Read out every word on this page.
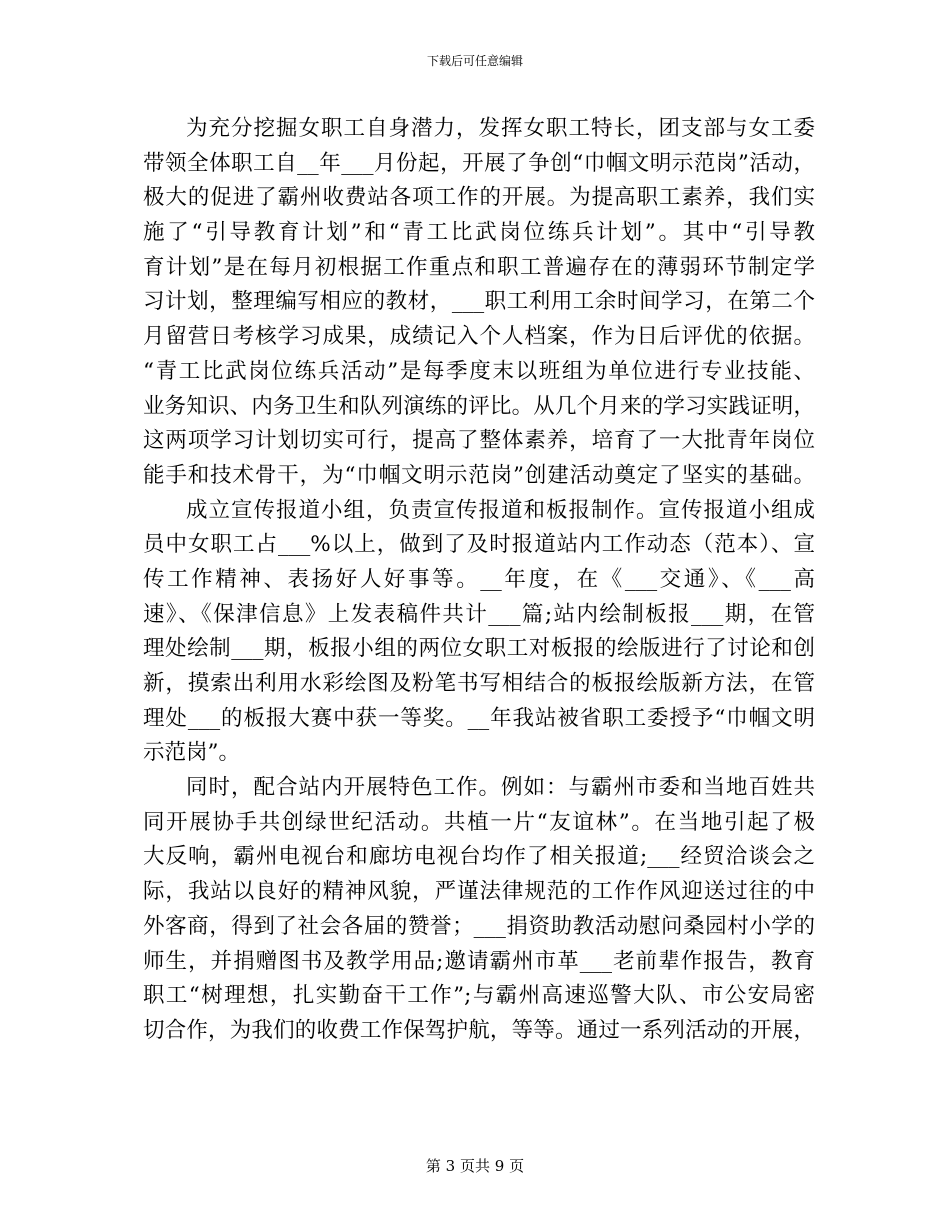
下载后可任意编辑
为充分挖掘女职工自身潜力，发挥女职工特长，团支部与女工委
带领全体职工自__年___月份起，开展了争创“巾帼文明示范岗”活动，
极大的促进了霸州收费站各项工作的开展。为提高职工素养，我们实
施了“引导教育计划”和“青工比武岗位练兵计划”。其中“引导教
育计划”是在每月初根据工作重点和职工普遍存在的薄弱环节制定学
习计划，整理编写相应的教材，___职工利用工余时间学习，在第二个
月留营日考核学习成果，成绩记入个人档案，作为日后评优的依据。
“青工比武岗位练兵活动”是每季度末以班组为单位进行专业技能、
业务知识、内务卫生和队列演练的评比。从几个月来的学习实践证明，
这两项学习计划切实可行，提高了整体素养，培育了一大批青年岗位
能手和技术骨干，为“巾帼文明示范岗”创建活动奠定了坚实的基础。
成立宣传报道小组，负责宣传报道和板报制作。宣传报道小组成
员中女职工占___%以上，做到了及时报道站内工作动态（范本）、宣
传工作精神、表扬好人好事等。__年度，在《___交通》、《___高
速》、《保津信息》上发表稿件共计___篇;站内绘制板报___期，在管
理处绘制___期，板报小组的两位女职工对板报的绘版进行了讨论和创
新，摸索出利用水彩绘图及粉笔书写相结合的板报绘版新方法，在管
理处___的板报大赛中获一等奖。__年我站被省职工委授予“巾帼文明
示范岗”。
同时，配合站内开展特色工作。例如：与霸州市委和当地百姓共
同开展协手共创绿世纪活动。共植一片“友谊林”。在当地引起了极
大反响，霸州电视台和廊坊电视台均作了相关报道;___经贸洽谈会之
际，我站以良好的精神风貌，严谨法律规范的工作作风迎送过往的中
外客商，得到了社会各届的赞誉；___捐资助教活动慰问桑园村小学的
师生，并捐赠图书及教学用品;邀请霸州市革___老前辈作报告，教育
职工“树理想，扎实勤奋干工作”;与霸州高速巡警大队、市公安局密
切合作，为我们的收费工作保驾护航，等等。通过一系列活动的开展，
第 3 页共 9 页
